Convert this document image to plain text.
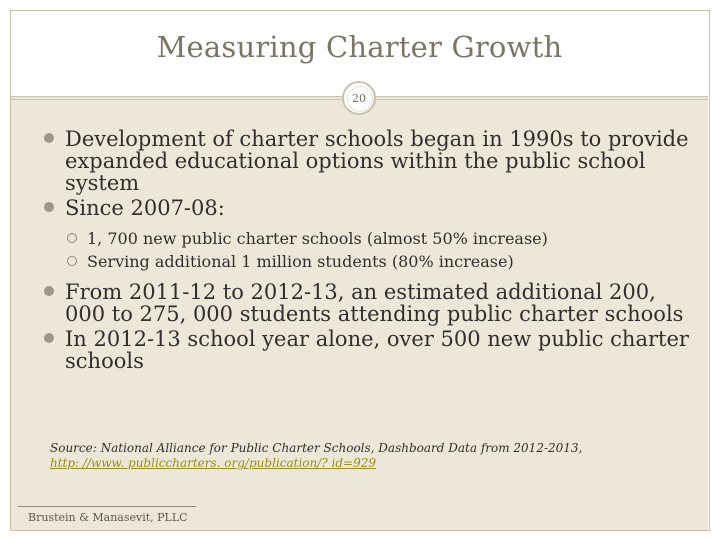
Measuring Charter Growth
20
Development of charter schools began in 1990s to provide expanded educational options within the public school system
Since 2007-08:
1, 700 new public charter schools (almost 50% increase)
Serving additional 1 million students (80% increase)
From 2011-12 to 2012-13, an estimated additional 200, 000 to 275, 000 students attending public charter schools
In 2012-13 school year alone, over 500 new public charter schools
Source: National Alliance for Public Charter Schools, Dashboard Data from 2012-2013,
http: //www. publiccharters. org/publication/? id=929
Brustein & Manasevit, PLLC
